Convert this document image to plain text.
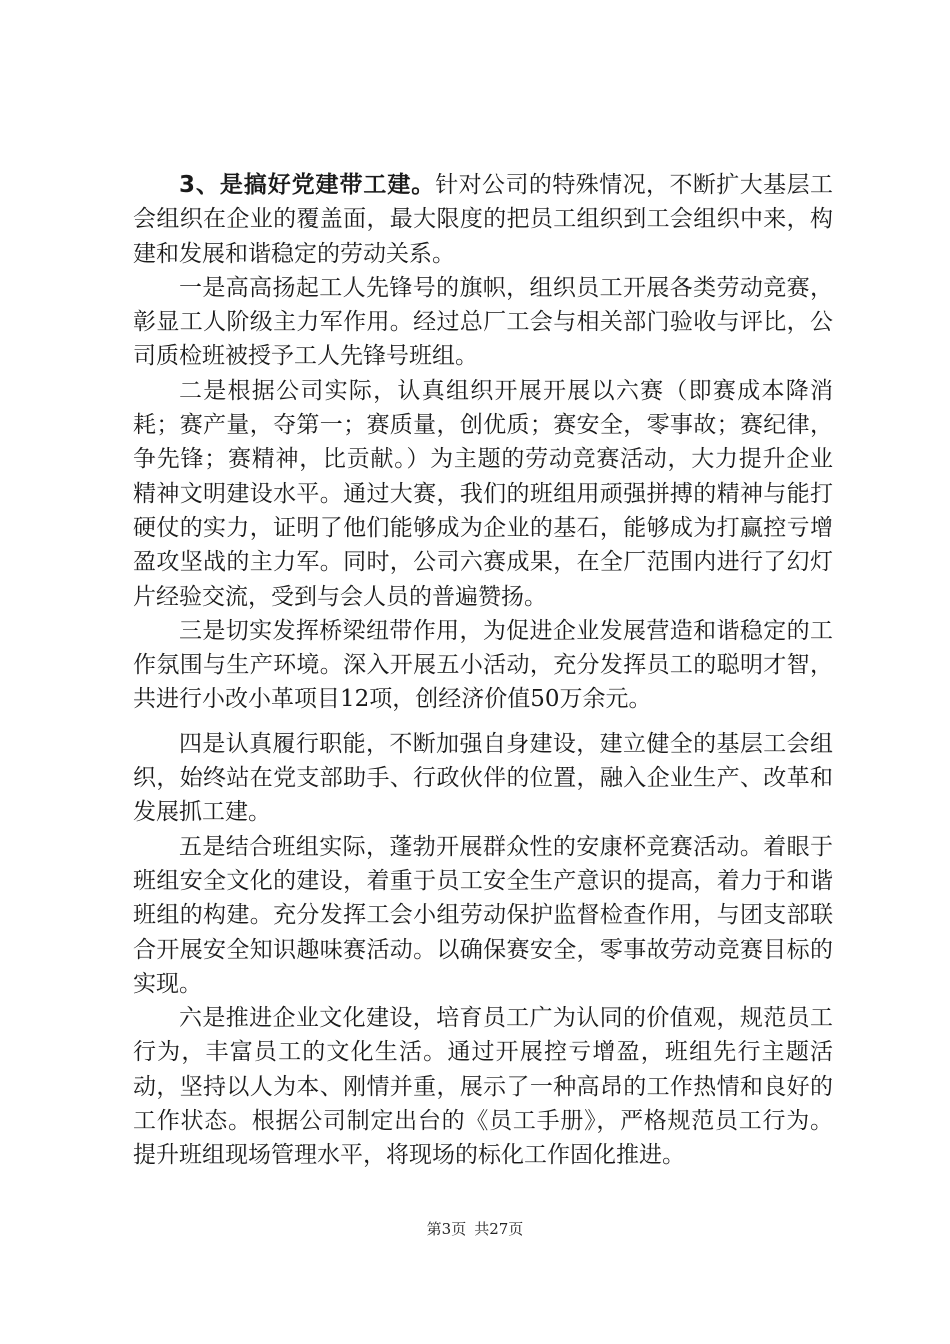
3、是搞好党建带工建。针对公司的特殊情况，不断扩大基层工会组织在企业的覆盖面，最大限度的把员工组织到工会组织中来，构建和发展和谐稳定的劳动关系。

一是高高扬起工人先锋号的旗帜，组织员工开展各类劳动竞赛，彰显工人阶级主力军作用。经过总厂工会与相关部门验收与评比，公司质检班被授予工人先锋号班组。

二是根据公司实际，认真组织开展开展以六赛（即赛成本降消耗；赛产量，夺第一；赛质量，创优质；赛安全，零事故；赛纪律，争先锋；赛精神，比贡献。）为主题的劳动竞赛活动，大力提升企业精神文明建设水平。通过大赛，我们的班组用顽强拼搏的精神与能打硬仗的实力，证明了他们能够成为企业的基石，能够成为打赢控亏增盈攻坚战的主力军。同时，公司六赛成果，在全厂范围内进行了幻灯片经验交流，受到与会人员的普遍赞扬。

三是切实发挥桥梁纽带作用，为促进企业发展营造和谐稳定的工作氛围与生产环境。深入开展五小活动，充分发挥员工的聪明才智，共进行小改小革项目12项，创经济价值50万余元。

四是认真履行职能，不断加强自身建设，建立健全的基层工会组织，始终站在党支部助手、行政伙伴的位置，融入企业生产、改革和发展抓工建。

五是结合班组实际，蓬勃开展群众性的安康杯竞赛活动。着眼于班组安全文化的建设，着重于员工安全生产意识的提高，着力于和谐班组的构建。充分发挥工会小组劳动保护监督检查作用，与团支部联合开展安全知识趣味赛活动。以确保赛安全，零事故劳动竞赛目标的实现。

六是推进企业文化建设，培育员工广为认同的价值观，规范员工行为，丰富员工的文化生活。通过开展控亏增盈，班组先行主题活动，坚持以人为本、刚情并重，展示了一种高昂的工作热情和良好的工作状态。根据公司制定出台的《员工手册》，严格规范员工行为。提升班组现场管理水平，将现场的标化工作固化推进。

第3页 共27页
